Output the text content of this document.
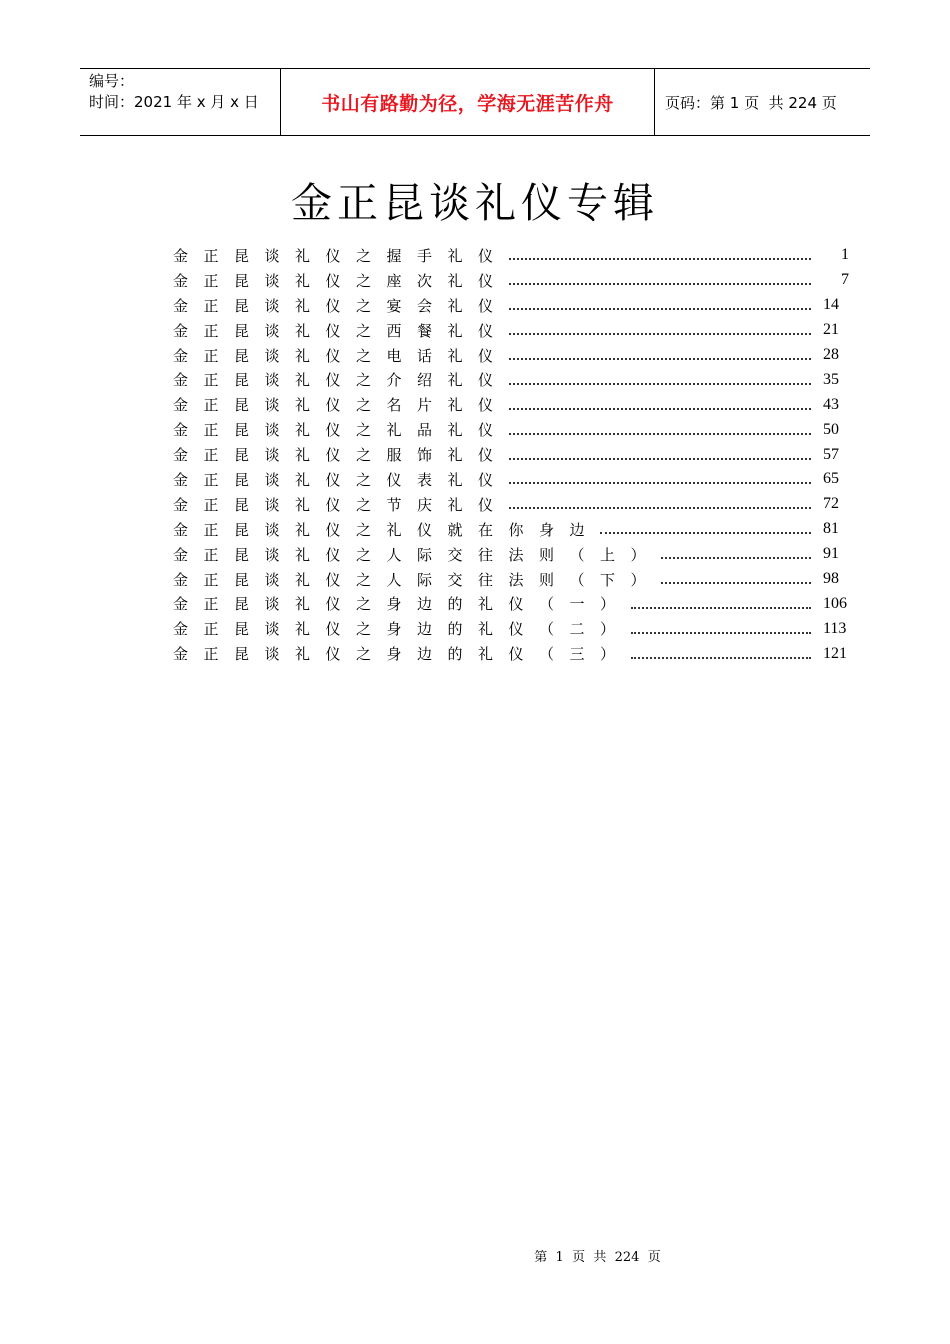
编号：
时间：2021 年 x 月 x 日	书山有路勤为径，学海无涯苦作舟	页码：第 1 页  共 224 页
金正昆谈礼仪专辑
金正昆谈礼仪之握手礼仪	1
金正昆谈礼仪之座次礼仪	7
金正昆谈礼仪之宴会礼仪	14
金正昆谈礼仪之西餐礼仪	21
金正昆谈礼仪之电话礼仪	28
金正昆谈礼仪之介绍礼仪	35
金正昆谈礼仪之名片礼仪	43
金正昆谈礼仪之礼品礼仪	50
金正昆谈礼仪之服饰礼仪	57
金正昆谈礼仪之仪表礼仪	65
金正昆谈礼仪之节庆礼仪	72
金正昆谈礼仪之礼仪就在你身边	81
金正昆谈礼仪之人际交往法则（上）	91
金正昆谈礼仪之人际交往法则（下）	98
金正昆谈礼仪之身边的礼仪（一）	106
金正昆谈礼仪之身边的礼仪（二）	113
金正昆谈礼仪之身边的礼仪（三）	121
第  1  页  共  224  页
